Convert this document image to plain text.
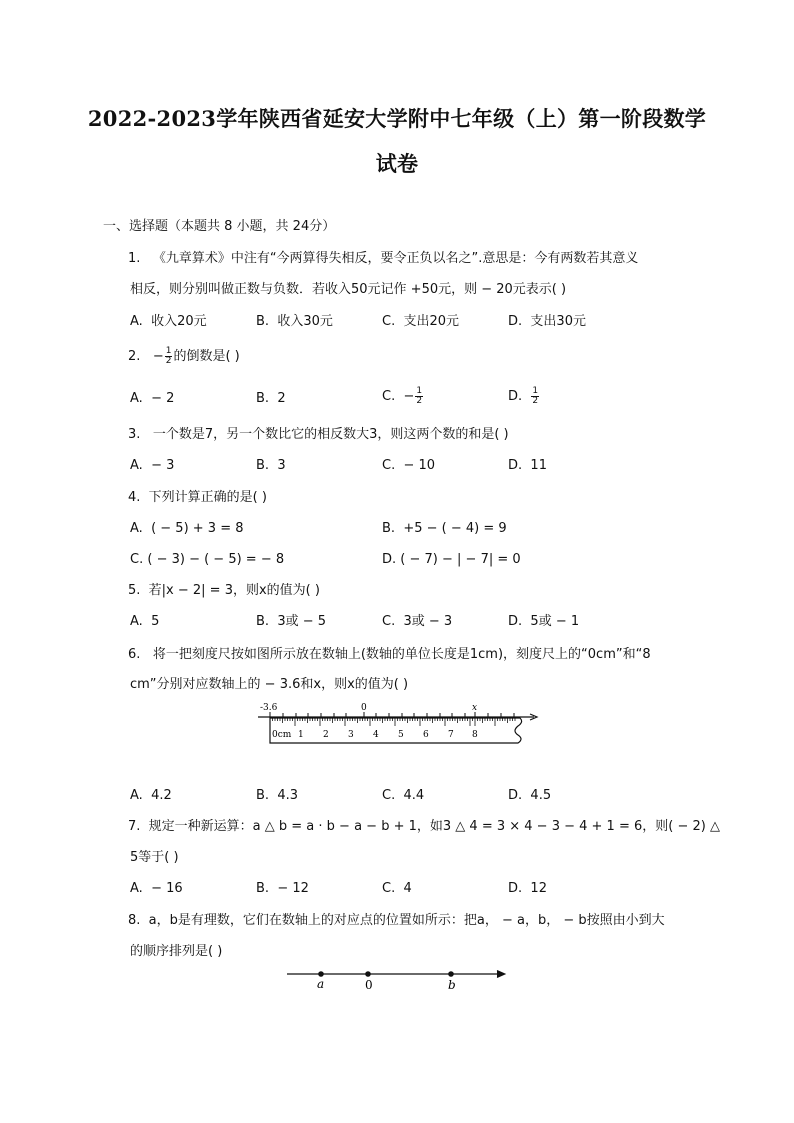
2022-2023学年陕西省延安大学附中七年级（上）第一阶段数学
试卷
一、选择题（本题共 8 小题，共 24分）
1. 《九章算术》中注有“今两算得失相反，要令正负以名之”.意思是：今有两数若其意义
相反，则分别叫做正数与负数．若收入50元记作 +50元，则 − 20元表示( )
A. 收入20元	B. 收入30元	C. 支出20元	D. 支出30元
2. − $\frac{1}{2}$ 的倒数是( )
A. − 2	B. 2	C. − $\frac{1}{2}$	D. $\frac{1}{2}$
3. 一个数是7，另一个数比它的相反数大3，则这两个数的和是( )
A. − 3	B. 3	C. − 10	D. 11
4. 下列计算正确的是( )
A. ( − 5) + 3 = 8	B. +5 − ( − 4) = 9
C. ( − 3) − ( − 5) = − 8	D. ( − 7) − | − 7| = 0
5. 若|x − 2| = 3，则x的值为( )
A. 5	B. 3或 − 5	C. 3或 − 3	D. 5或 − 1
6. 将一把刻度尺按如图所示放在数轴上(数轴的单位长度是1cm)，刻度尺上的“0cm”和“8
cm”分别对应数轴上的 − 3.6和x，则x的值为( )
-3.6	0	x
0cm 1 2 3 4 5 6 7 8
A. 4.2	B. 4.3	C. 4.4	D. 4.5
7. 规定一种新运算：a △ b = a · b − a − b + 1，如3 △ 4 = 3 × 4 − 3 − 4 + 1 = 6，则( − 2) △
5等于( )
A. − 16	B. − 12	C. 4	D. 12
8. a，b是有理数，它们在数轴上的对应点的位置如所示：把a， − a，b， − b按照由小到大
的顺序排列是( )
a	0	b
